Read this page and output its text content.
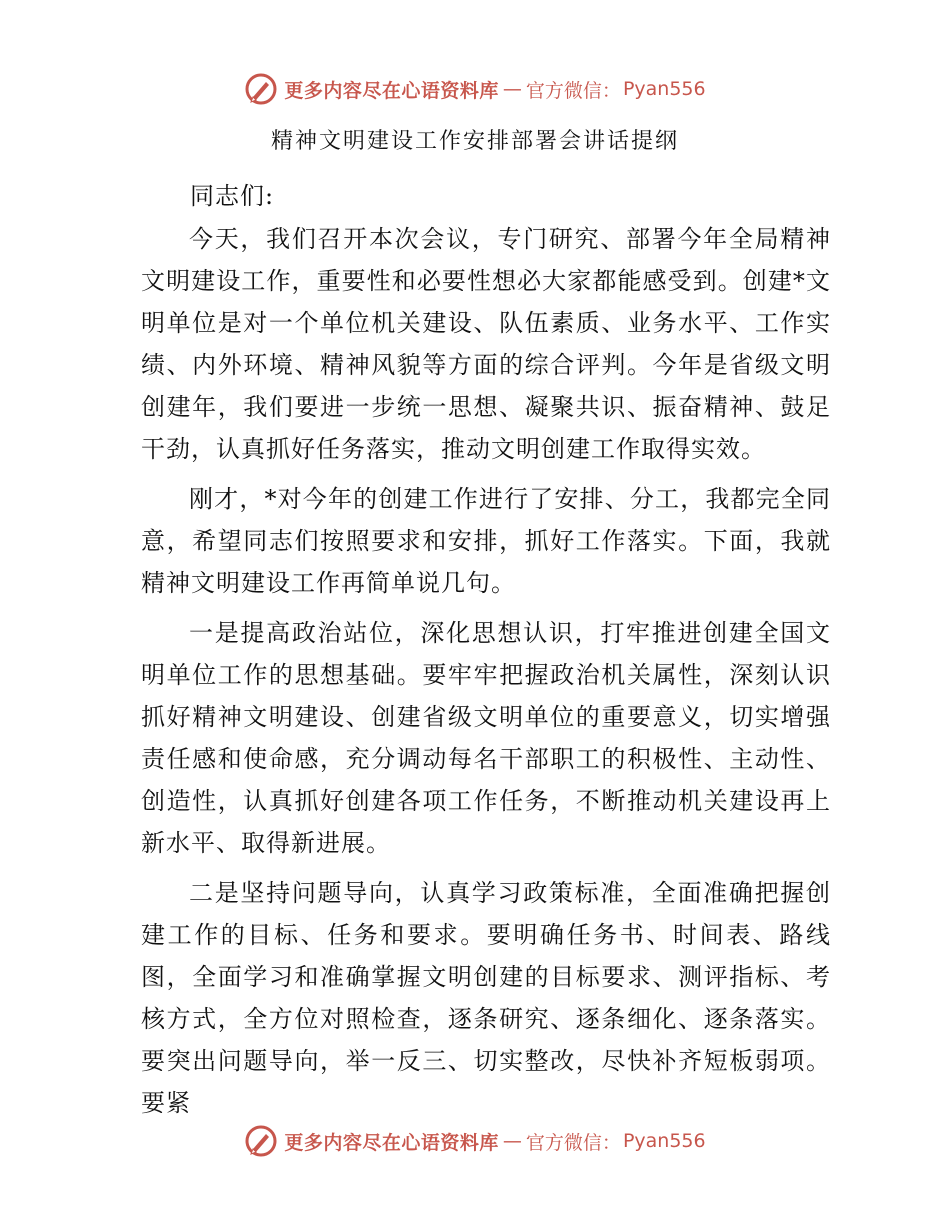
更多内容尽在心语资料库 — 官方微信： Pyan556
精神文明建设工作安排部署会讲话提纲
同志们:

今天，我们召开本次会议，专门研究、部署今年全局精神文明建设工作，重要性和必要性想必大家都能感受到。创建*文明单位是对一个单位机关建设、队伍素质、业务水平、工作实绩、内外环境、精神风貌等方面的综合评判。今年是省级文明创建年，我们要进一步统一思想、凝聚共识、振奋精神、鼓足干劲，认真抓好任务落实，推动文明创建工作取得实效。

刚才，*对今年的创建工作进行了安排、分工，我都完全同意，希望同志们按照要求和安排，抓好工作落实。下面，我就精神文明建设工作再简单说几句。

一是提高政治站位，深化思想认识，打牢推进创建全国文明单位工作的思想基础。要牢牢把握政治机关属性，深刻认识抓好精神文明建设、创建省级文明单位的重要意义，切实增强责任感和使命感，充分调动每名干部职工的积极性、主动性、创造性，认真抓好创建各项工作任务，不断推动机关建设再上新水平、取得新进展。

二是坚持问题导向，认真学习政策标准，全面准确把握创建工作的目标、任务和要求。要明确任务书、时间表、路线图，全面学习和准确掌握文明创建的目标要求、测评指标、考核方式，全方位对照检查，逐条研究、逐条细化、逐条落实。要突出问题导向，举一反三、切实整改，尽快补齐短板弱项。要紧

更多内容尽在心语资料库 — 官方微信： Pyan556
